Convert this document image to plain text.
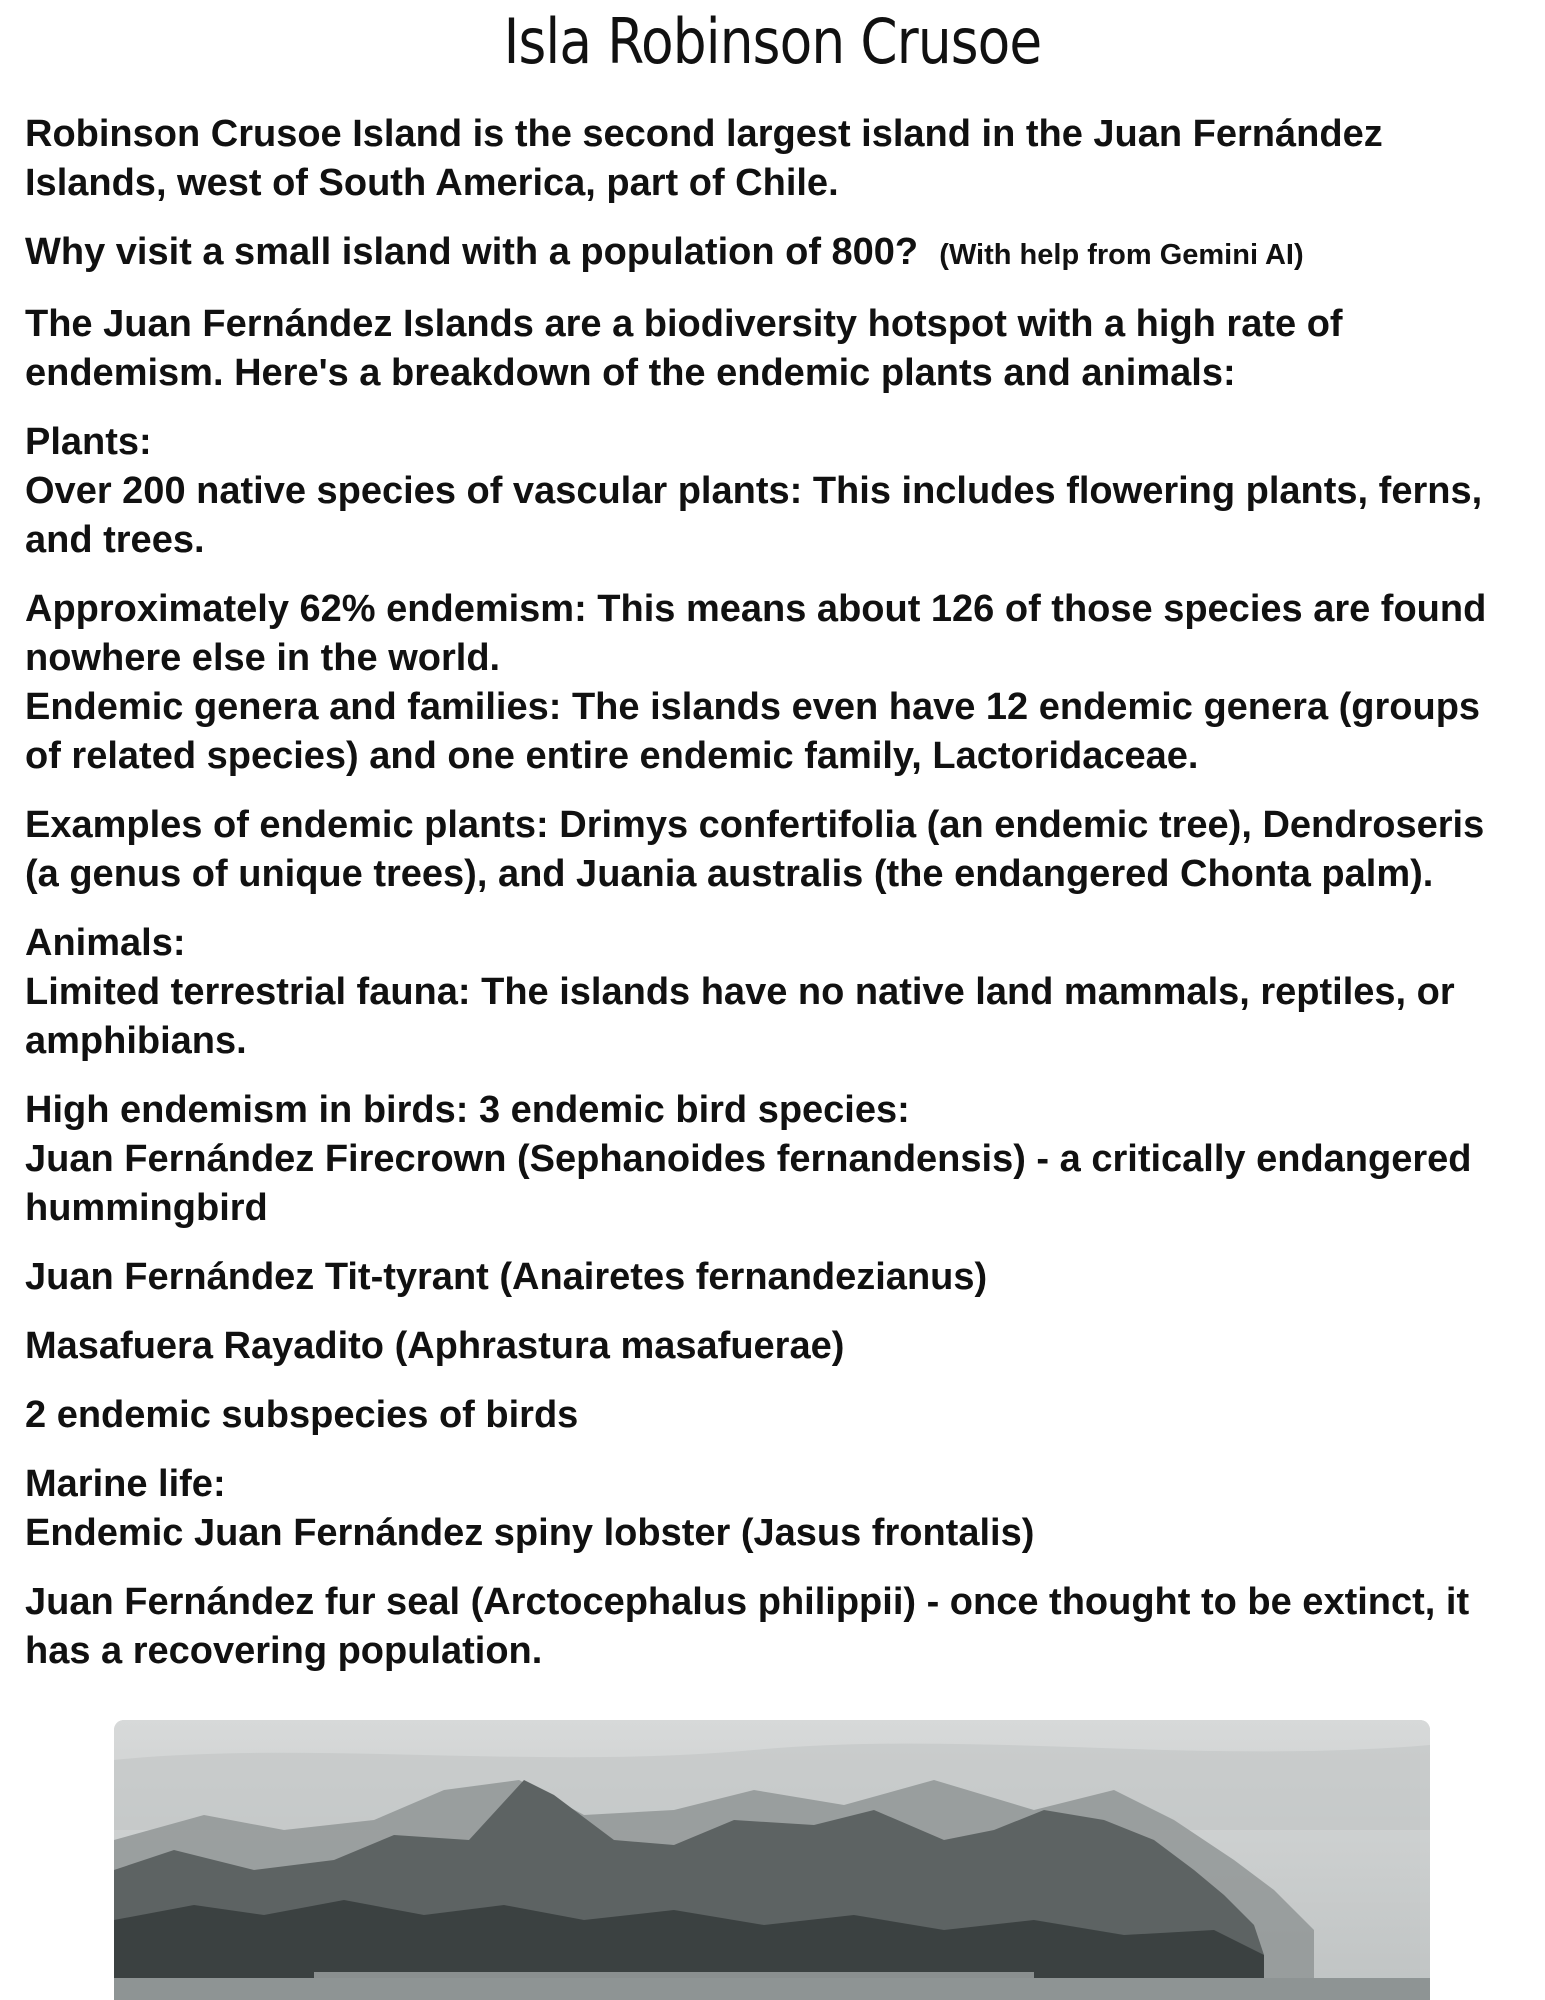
Isla Robinson Crusoe

Robinson Crusoe Island is the second largest island in the Juan Fernández Islands, west of South America, part of Chile.

Why visit a small island with a population of 800? (With help from Gemini AI)

The Juan Fernández Islands are a biodiversity hotspot with a high rate of endemism. Here's a breakdown of the endemic plants and animals:

Plants:
Over 200 native species of vascular plants: This includes flowering plants, ferns, and trees.

Approximately 62% endemism: This means about 126 of those species are found nowhere else in the world.
Endemic genera and families: The islands even have 12 endemic genera (groups of related species) and one entire endemic family, Lactoridaceae.

Examples of endemic plants: Drimys confertifolia (an endemic tree), Dendroseris (a genus of unique trees), and Juania australis (the endangered Chonta palm).

Animals:
Limited terrestrial fauna: The islands have no native land mammals, reptiles, or amphibians.

High endemism in birds: 3 endemic bird species:
Juan Fernández Firecrown (Sephanoides fernandensis) - a critically endangered hummingbird

Juan Fernández Tit-tyrant (Anairetes fernandezianus)

Masafuera Rayadito (Aphrastura masafuerae)

2 endemic subspecies of birds

Marine life:
Endemic Juan Fernández spiny lobster (Jasus frontalis)

Juan Fernández fur seal (Arctocephalus philippii) - once thought to be extinct, it has a recovering population.
